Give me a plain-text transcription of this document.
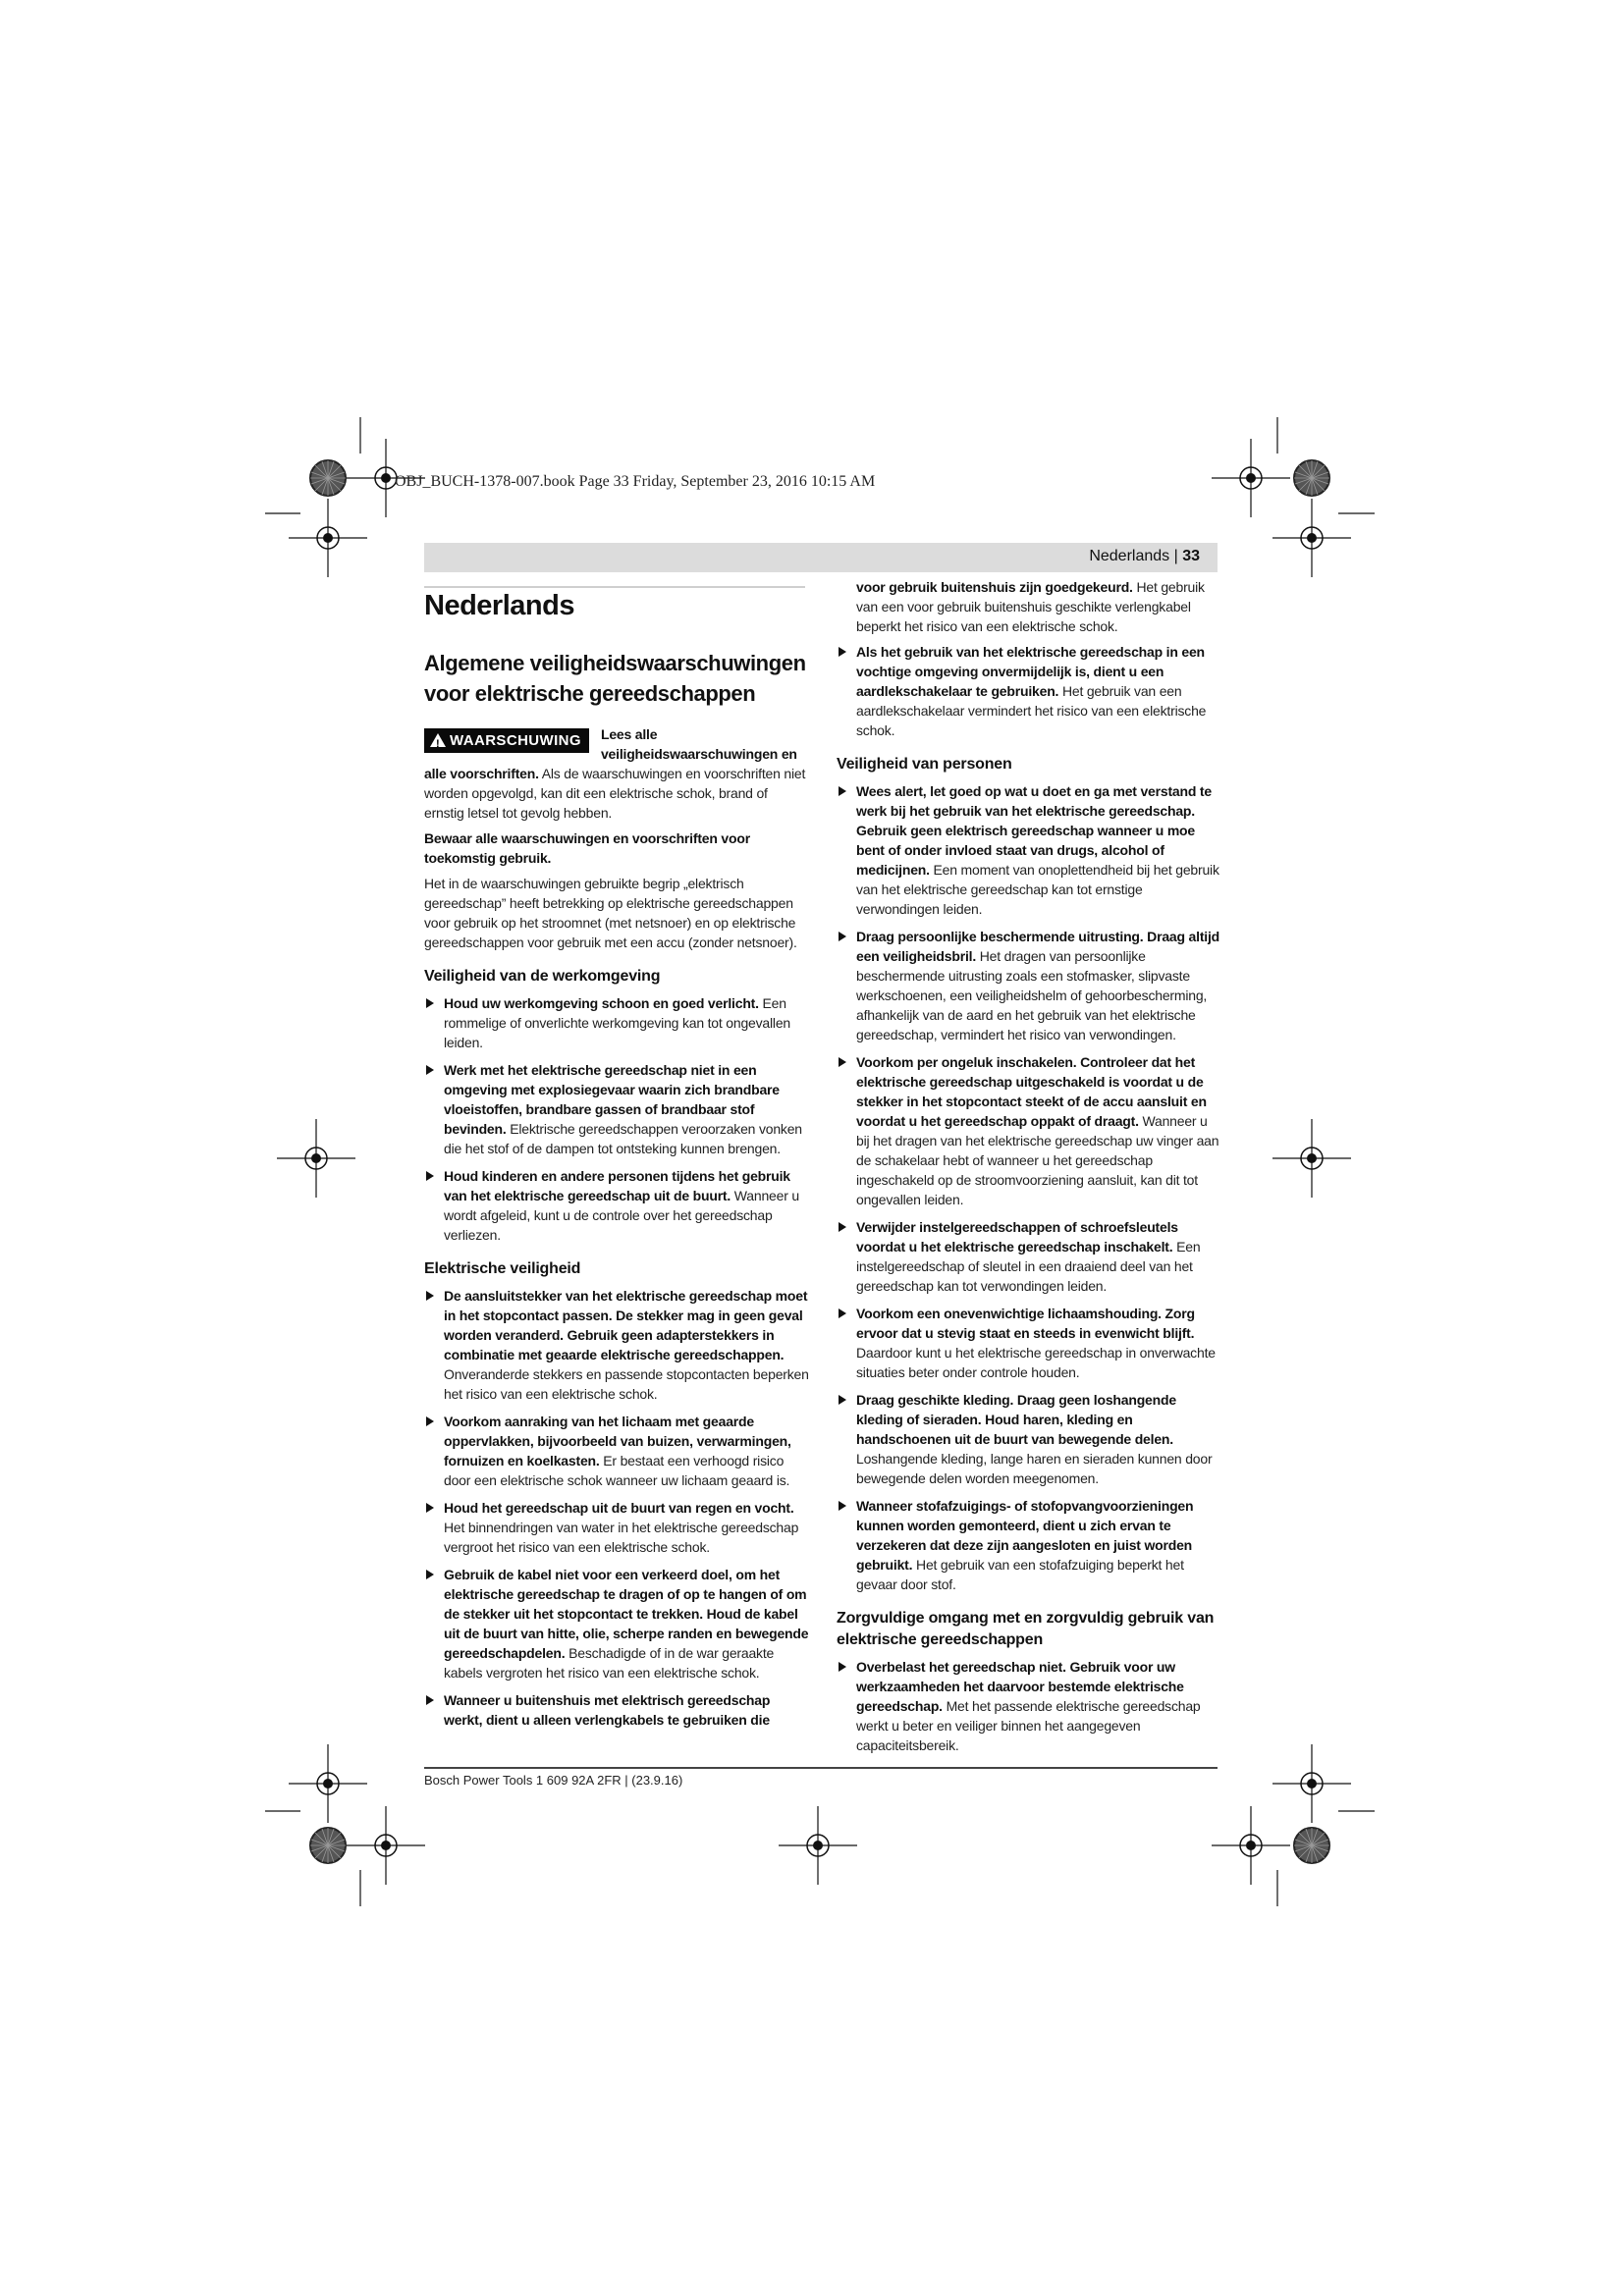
OBJ_BUCH-1378-007.book Page 33 Friday, September 23, 2016 10:15 AM
Nederlands | 33
Nederlands
Algemene veiligheidswaarschuwingen voor elektrische gereedschappen
!WAARSCHUWING	Lees alle veiligheidswaarschuwingen en alle voorschriften. Als de waarschuwingen en voorschriften niet worden opgevolgd, kan dit een elektrische schok, brand of ernstig letsel tot gevolg hebben.

Bewaar alle waarschuwingen en voorschriften voor toekomstig gebruik.

Het in de waarschuwingen gebruikte begrip „elektrisch gereedschap” heeft betrekking op elektrische gereedschappen voor gebruik op het stroomnet (met netsnoer) en op elektrische gereedschappen voor gebruik met een accu (zonder netsnoer).

Veiligheid van de werkomgeving
Houd uw werkomgeving schoon en goed verlicht. Een rommelige of onverlichte werkomgeving kan tot ongevallen leiden.
Werk met het elektrische gereedschap niet in een omgeving met explosiegevaar waarin zich brandbare vloeistoffen, brandbare gassen of brandbaar stof bevinden. Elektrische gereedschappen veroorzaken vonken die het stof of de dampen tot ontsteking kunnen brengen.
Houd kinderen en andere personen tijdens het gebruik van het elektrische gereedschap uit de buurt. Wanneer u wordt afgeleid, kunt u de controle over het gereedschap verliezen.
Elektrische veiligheid
De aansluitstekker van het elektrische gereedschap moet in het stopcontact passen. De stekker mag in geen geval worden veranderd. Gebruik geen adapterstekkers in combinatie met geaarde elektrische gereedschappen. Onveranderde stekkers en passende stopcontacten beperken het risico van een elektrische schok.
Voorkom aanraking van het lichaam met geaarde oppervlakken, bijvoorbeeld van buizen, verwarmingen, fornuizen en koelkasten. Er bestaat een verhoogd risico door een elektrische schok wanneer uw lichaam geaard is.
Houd het gereedschap uit de buurt van regen en vocht. Het binnendringen van water in het elektrische gereedschap vergroot het risico van een elektrische schok.
Gebruik de kabel niet voor een verkeerd doel, om het elektrische gereedschap te dragen of op te hangen of om de stekker uit het stopcontact te trekken. Houd de kabel uit de buurt van hitte, olie, scherpe randen en bewegende gereedschapdelen. Beschadigde of in de war geraakte kabels vergroten het risico van een elektrische schok.
Wanneer u buitenshuis met elektrisch gereedschap werkt, dient u alleen verlengkabels te gebruiken die

voor gebruik buitenshuis zijn goedgekeurd. Het gebruik van een voor gebruik buitenshuis geschikte verlengkabel beperkt het risico van een elektrische schok.

Als het gebruik van het elektrische gereedschap in een vochtige omgeving onvermijdelijk is, dient u een aardlekschakelaar te gebruiken. Het gebruik van een aardlekschakelaar vermindert het risico van een elektrische schok.
Veiligheid van personen
Wees alert, let goed op wat u doet en ga met verstand te werk bij het gebruik van het elektrische gereedschap. Gebruik geen elektrisch gereedschap wanneer u moe bent of onder invloed staat van drugs, alcohol of medicijnen. Een moment van onoplettendheid bij het gebruik van het elektrische gereedschap kan tot ernstige verwondingen leiden.
Draag persoonlijke beschermende uitrusting. Draag altijd een veiligheidsbril. Het dragen van persoonlijke beschermende uitrusting zoals een stofmasker, slipvaste werkschoenen, een veiligheidshelm of gehoorbescherming, afhankelijk van de aard en het gebruik van het elektrische gereedschap, vermindert het risico van verwondingen.
Voorkom per ongeluk inschakelen. Controleer dat het elektrische gereedschap uitgeschakeld is voordat u de stekker in het stopcontact steekt of de accu aansluit en voordat u het gereedschap oppakt of draagt. Wanneer u bij het dragen van het elektrische gereedschap uw vinger aan de schakelaar hebt of wanneer u het gereedschap ingeschakeld op de stroomvoorziening aansluit, kan dit tot ongevallen leiden.
Verwijder instelgereedschappen of schroefsleutels voordat u het elektrische gereedschap inschakelt. Een instelgereedschap of sleutel in een draaiend deel van het gereedschap kan tot verwondingen leiden.
Voorkom een onevenwichtige lichaamshouding. Zorg ervoor dat u stevig staat en steeds in evenwicht blijft. Daardoor kunt u het elektrische gereedschap in onverwachte situaties beter onder controle houden.
Draag geschikte kleding. Draag geen loshangende kleding of sieraden. Houd haren, kleding en handschoenen uit de buurt van bewegende delen. Loshangende kleding, lange haren en sieraden kunnen door bewegende delen worden meegenomen.
Wanneer stofafzuigings- of stofopvangvoorzieningen kunnen worden gemonteerd, dient u zich ervan te verzekeren dat deze zijn aangesloten en juist worden gebruikt. Het gebruik van een stofafzuiging beperkt het gevaar door stof.
Zorgvuldige omgang met en zorgvuldig gebruik van elektrische gereedschappen
Overbelast het gereedschap niet. Gebruik voor uw werkzaamheden het daarvoor bestemde elektrische gereedschap. Met het passende elektrische gereedschap werkt u beter en veiliger binnen het aangegeven capaciteitsbereik.
Bosch Power Tools 1 609 92A 2FR | (23.9.16)
